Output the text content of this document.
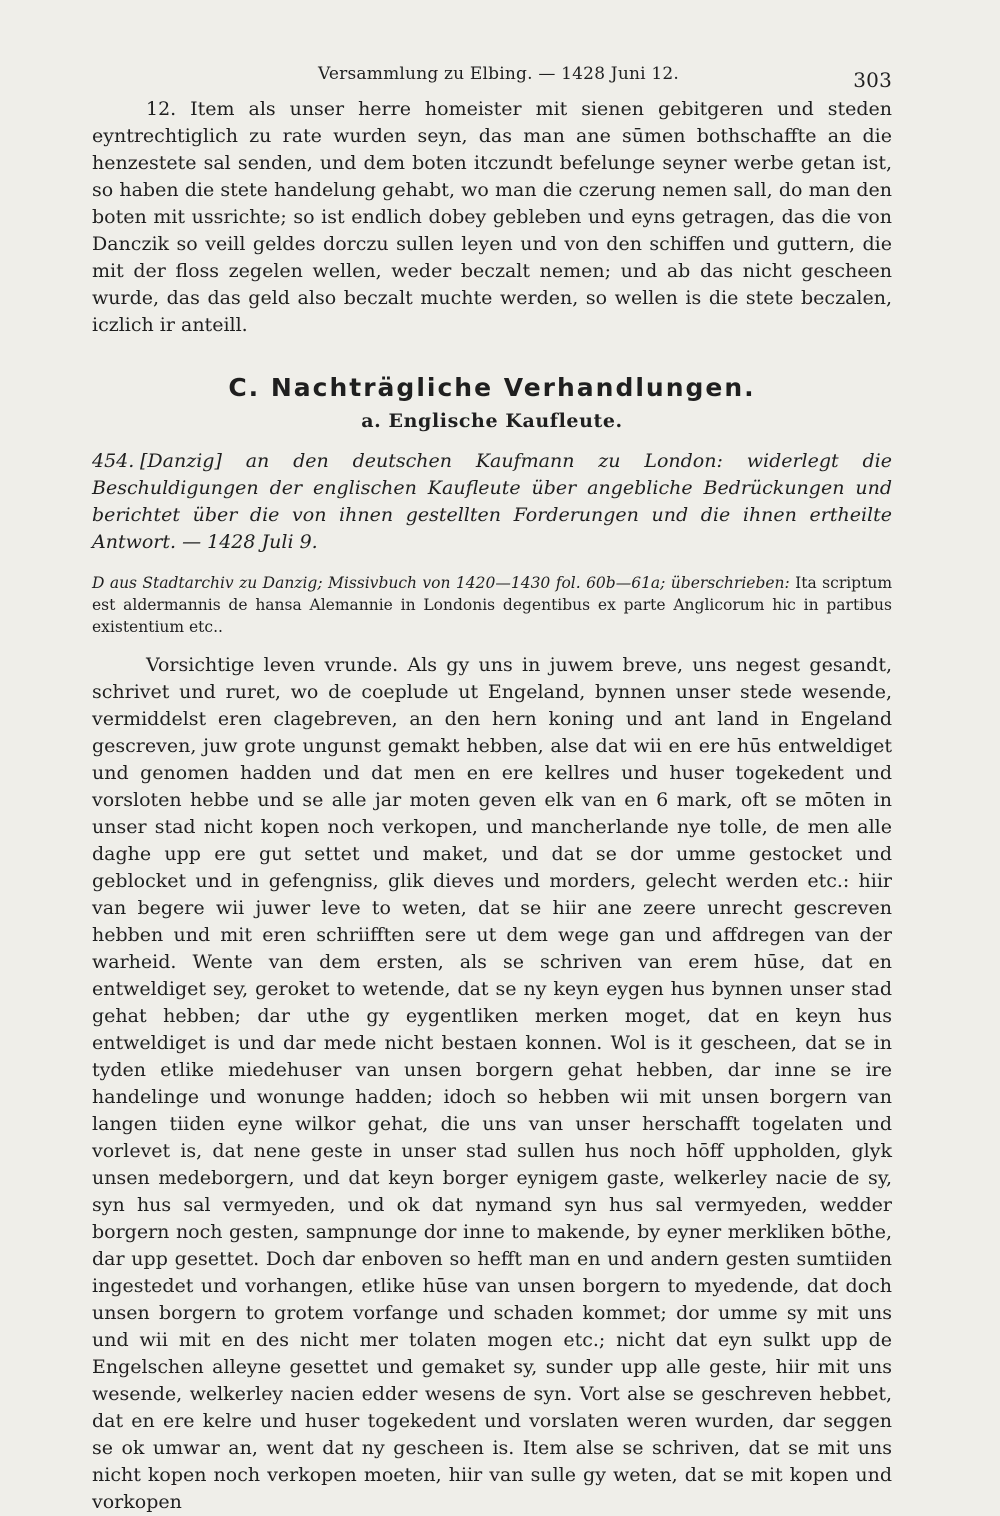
Versammlung zu Elbing. — 1428 Juni 12.	303

12. Item als unser herre homeister mit sienen gebitgeren und steden eyntrechtiglich zu rate wurden seyn, das man ane sūmen bothschaffte an die henzestete sal senden, und dem boten itczundt befelunge seyner werbe getan ist, so haben die stete handelung gehabt, wo man die czerung nemen sall, do man den boten mit ussrichte; so ist endlich dobey gebleben und eyns getragen, das die von Danczik so veill geldes dorczu sullen leyen und von den schiffen und guttern, die mit der floss zegelen wellen, weder beczalt nemen; und ab das nicht gescheen wurde, das das geld also beczalt muchte werden, so wellen is die stete beczalen, iczlich ir anteill.

C. Nachträgliche Verhandlungen.
a. Englische Kaufleute.
454. [Danzig] an den deutschen Kaufmann zu London: widerlegt die Beschuldigungen der englischen Kaufleute über angebliche Bedrückungen und berichtet über die von ihnen gestellten Forderungen und die ihnen ertheilte Antwort. — 1428 Juli 9.
D aus Stadtarchiv zu Danzig; Missivbuch von 1420—1430 fol. 60b—61a; überschrieben: Ita scriptum est aldermannis de hansa Alemannie in Londonis degentibus ex parte Anglicorum hic in partibus existentium etc..

Vorsichtige leven vrunde. Als gy uns in juwem breve, uns negest gesandt, schrivet und ruret, wo de coeplude ut Engeland, bynnen unser stede wesende, vermiddelst eren clagebreven, an den hern koning und ant land in Engeland gescreven, juw grote ungunst gemakt hebben, alse dat wii en ere hūs entweldiget und genomen hadden und dat men en ere kellres und huser togekedent und vorsloten hebbe und se alle jar moten geven elk van en 6 mark, oft se mōten in unser stad nicht kopen noch verkopen, und mancherlande nye tolle, de men alle daghe upp ere gut settet und maket, und dat se dor umme gestocket und geblocket und in gefengniss, glik dieves und morders, gelecht werden etc.: hiir van begere wii juwer leve to weten, dat se hiir ane zeere unrecht gescreven hebben und mit eren schriifften sere ut dem wege gan und affdregen van der warheid. Wente van dem ersten, als se schriven van erem hūse, dat en entweldiget sey, geroket to wetende, dat se ny keyn eygen hus bynnen unser stad gehat hebben; dar uthe gy eygentliken merken moget, dat en keyn hus entweldiget is und dar mede nicht bestaen konnen. Wol is it gescheen, dat se in tyden etlike miedehuser van unsen borgern gehat hebben, dar inne se ire handelinge und wonunge hadden; idoch so hebben wii mit unsen borgern van langen tiiden eyne wilkor gehat, die uns van unser herschafft togelaten und vorlevet is, dat nene geste in unser stad sullen hus noch hōff uppholden, glyk unsen medeborgern, und dat keyn borger eynigem gaste, welkerley nacie de sy, syn hus sal vermyeden, und ok dat nymand syn hus sal vermyeden, wedder borgern noch gesten, sampnunge dor inne to makende, by eyner merkliken bōthe, dar upp gesettet. Doch dar enboven so hefft man en und andern gesten sumtiiden ingestedet und vorhangen, etlike hūse van unsen borgern to myedende, dat doch unsen borgern to grotem vorfange und schaden kommet; dor umme sy mit uns und wii mit en des nicht mer tolaten mogen etc.; nicht dat eyn sulkt upp de Engelschen alleyne gesettet und gemaket sy, sunder upp alle geste, hiir mit uns wesende, welkerley nacien edder wesens de syn. Vort alse se geschreven hebbet, dat en ere kelre und huser togekedent und vorslaten weren wurden, dar seggen se ok umwar an, went dat ny gescheen is. Item alse se schriven, dat se mit uns nicht kopen noch verkopen moeten, hiir van sulle gy weten, dat se mit kopen und vorkopen
